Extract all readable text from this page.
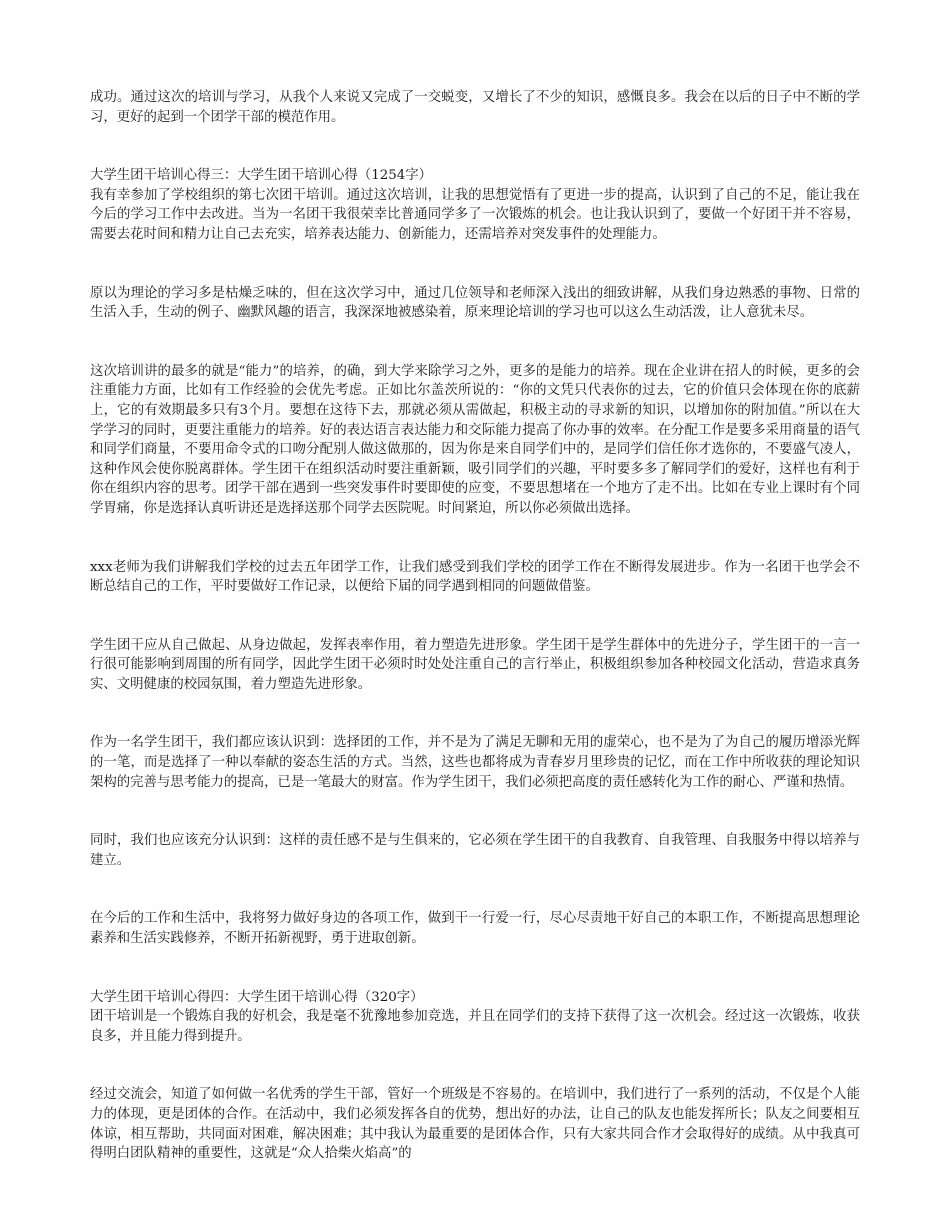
成功。通过这次的培训与学习，从我个人来说又完成了一交蜕变，又增长了不少的知识，感慨良多。我会在以后的日子中不断的学习，更好的起到一个团学干部的模范作用。

大学生团干培训心得三：大学生团干培训心得（1254字）

我有幸参加了学校组织的第七次团干培训。通过这次培训，让我的思想觉悟有了更进一步的提高，认识到了自己的不足，能让我在今后的学习工作中去改进。当为一名团干我很荣幸比普通同学多了一次锻炼的机会。也让我认识到了，要做一个好团干并不容易，需要去花时间和精力让自己去充实，培养表达能力、创新能力，还需培养对突发事件的处理能力。

原以为理论的学习多是枯燥乏味的，但在这次学习中，通过几位领导和老师深入浅出的细致讲解，从我们身边熟悉的事物、日常的生活入手，生动的例子、幽默风趣的语言，我深深地被感染着，原来理论培训的学习也可以这么生动活泼，让人意犹未尽。

这次培训讲的最多的就是“能力”的培养，的确，到大学来除学习之外，更多的是能力的培养。现在企业讲在招人的时候，更多的会注重能力方面，比如有工作经验的会优先考虑。正如比尔盖茨所说的：“你的文凭只代表你的过去，它的价值只会体现在你的底薪上，它的有效期最多只有3个月。要想在这待下去，那就必须从需做起，积极主动的寻求新的知识，以增加你的附加值。”所以在大学学习的同时，更要注重能力的培养。好的表达语言表达能力和交际能力提高了你办事的效率。在分配工作是要多采用商量的语气和同学们商量，不要用命令式的口吻分配别人做这做那的，因为你是来自同学们中的，是同学们信任你才选你的，不要盛气凌人，这种作风会使你脱离群体。学生团干在组织活动时要注重新颖，吸引同学们的兴趣，平时要多多了解同学们的爱好，这样也有利于你在组织内容的思考。团学干部在遇到一些突发事件时要即使的应变，不要思想堵在一个地方了走不出。比如在专业上课时有个同学胃痛，你是选择认真听讲还是选择送那个同学去医院呢。时间紧迫，所以你必须做出选择。

xxx老师为我们讲解我们学校的过去五年团学工作，让我们感受到我们学校的团学工作在不断得发展进步。作为一名团干也学会不断总结自己的工作，平时要做好工作记录，以便给下届的同学遇到相同的问题做借鉴。

学生团干应从自己做起、从身边做起，发挥表率作用，着力塑造先进形象。学生团干是学生群体中的先进分子，学生团干的一言一行很可能影响到周围的所有同学，因此学生团干必须时时处处注重自己的言行举止，积极组织参加各种校园文化活动，营造求真务实、文明健康的校园氛围，着力塑造先进形象。

作为一名学生团干，我们都应该认识到：选择团的工作，并不是为了满足无聊和无用的虚荣心，也不是为了为自己的履历增添光辉的一笔，而是选择了一种以奉献的姿态生活的方式。当然，这些也都将成为青春岁月里珍贵的记忆，而在工作中所收获的理论知识架构的完善与思考能力的提高，已是一笔最大的财富。作为学生团干，我们必须把高度的责任感转化为工作的耐心、严谨和热情。

同时，我们也应该充分认识到：这样的责任感不是与生俱来的，它必须在学生团干的自我教育、自我管理、自我服务中得以培养与建立。

在今后的工作和生活中，我将努力做好身边的各项工作，做到干一行爱一行，尽心尽责地干好自己的本职工作，不断提高思想理论素养和生活实践修养，不断开拓新视野，勇于进取创新。

大学生团干培训心得四：大学生团干培训心得（320字）

团干培训是一个锻炼自我的好机会，我是毫不犹豫地参加竞选，并且在同学们的支持下获得了这一次机会。经过这一次锻炼，收获良多，并且能力得到提升。

经过交流会，知道了如何做一名优秀的学生干部，管好一个班级是不容易的。在培训中，我们进行了一系列的活动，不仅是个人能力的体现，更是团体的合作。在活动中，我们必须发挥各自的优势，想出好的办法，让自己的队友也能发挥所长；队友之间要相互体谅，相互帮助，共同面对困难，解决困难；其中我认为最重要的是团体合作，只有大家共同合作才会取得好的成绩。从中我真可得明白团队精神的重要性，这就是“众人拾柴火焰高”的
